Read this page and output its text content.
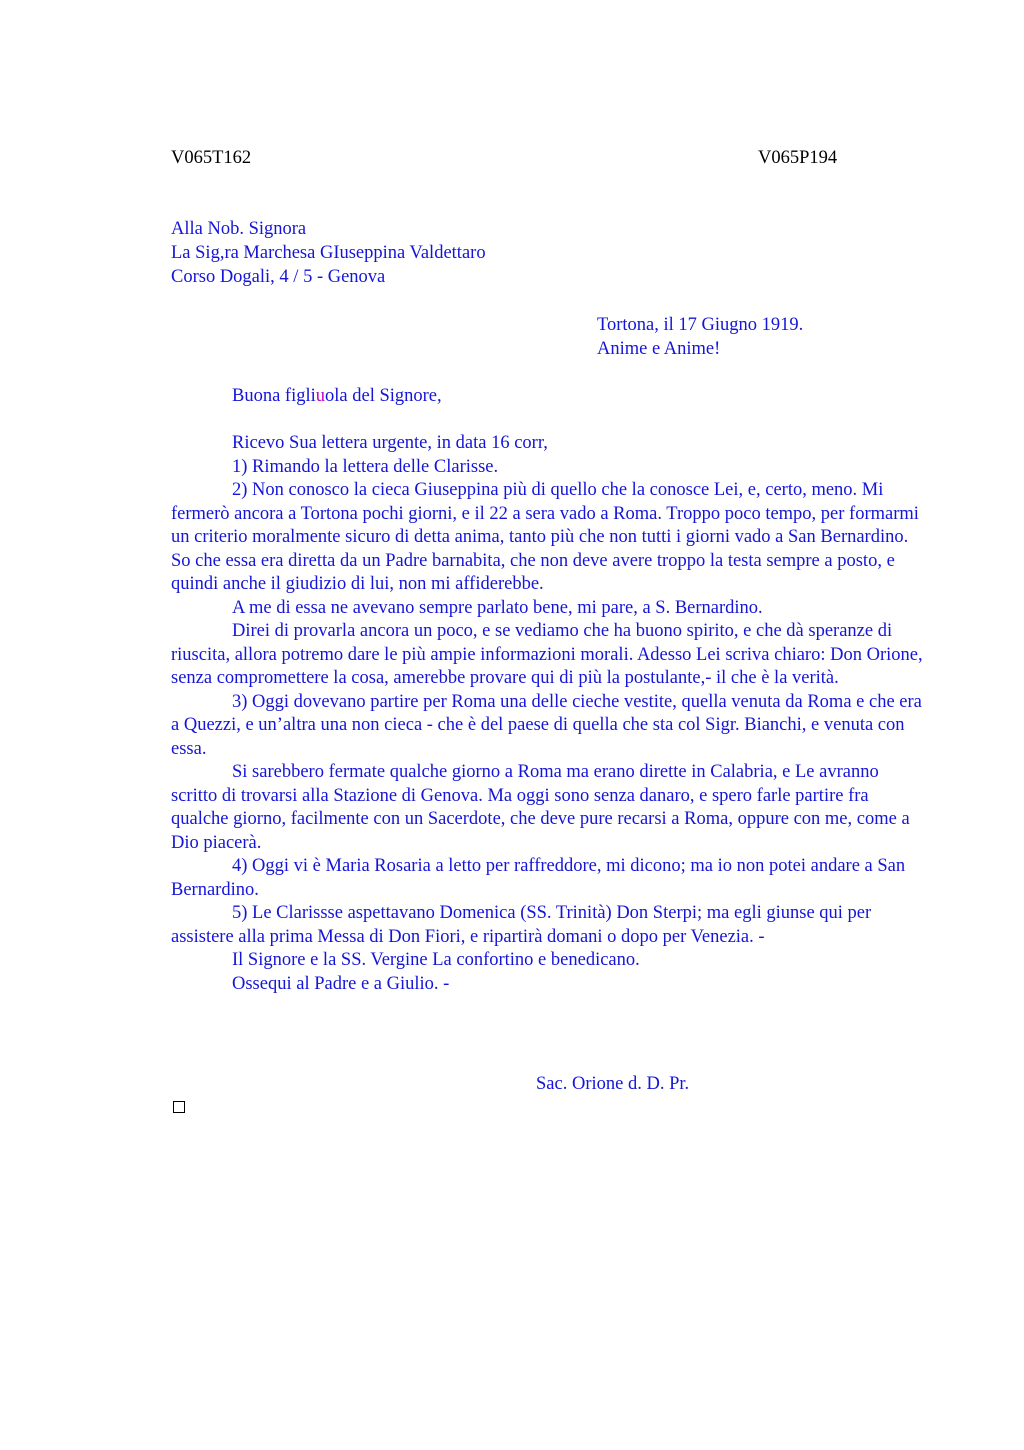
V065T162	V065P194
Alla Nob. Signora
La Sig,ra Marchesa GIuseppina Valdettaro
Corso Dogali, 4 / 5 - Genova
Tortona, il 17 Giugno 1919.
Anime e Anime!
Buona figliuola del Signore,

Ricevo Sua lettera urgente, in data 16 corr,

1) Rimando la lettera delle Clarisse.

2) Non conosco la cieca Giuseppina più di quello che la conosce Lei, e, certo, meno. Mi fermerò ancora a Tortona pochi giorni, e il 22 a sera vado a Roma. Troppo poco tempo, per formarmi un criterio moralmente sicuro di detta anima, tanto più che non tutti i giorni vado a San Bernardino. So che essa era diretta da un Padre barnabita, che non deve avere troppo la testa sempre a posto, e quindi anche il giudizio di lui, non mi affiderebbe.

A me di essa ne avevano sempre parlato bene, mi pare, a S. Bernardino.

Direi di provarla ancora un poco, e se vediamo che ha buono spirito, e che dà speranze di riuscita, allora potremo dare le più ampie informazioni morali. Adesso Lei scriva chiaro: Don Orione, senza compromettere la cosa, amerebbe provare qui di più la postulante,- il che è la verità.

3) Oggi dovevano partire per Roma una delle cieche vestite, quella venuta da Roma e che era a Quezzi, e un’altra una non cieca - che è del paese di quella che sta col Sigr. Bianchi, e venuta con essa.

Si sarebbero fermate qualche giorno a Roma ma erano dirette in Calabria, e Le avranno scritto di trovarsi alla Stazione di Genova. Ma oggi sono senza danaro, e spero farle partire fra qualche giorno, facilmente con un Sacerdote, che deve pure recarsi a Roma, oppure con me, come a Dio piacerà.

4) Oggi vi è Maria Rosaria a letto per raffreddore, mi dicono; ma io non potei andare a San Bernardino.

5) Le Clarissse aspettavano Domenica (SS. Trinità) Don Sterpi; ma egli giunse qui per assistere alla prima Messa di Don Fiori, e ripartirà domani o dopo per Venezia. -

Il Signore e la SS. Vergine La confortino e benedicano.

Ossequi al Padre e a Giulio. -

Sac. Orione d. D. Pr.
